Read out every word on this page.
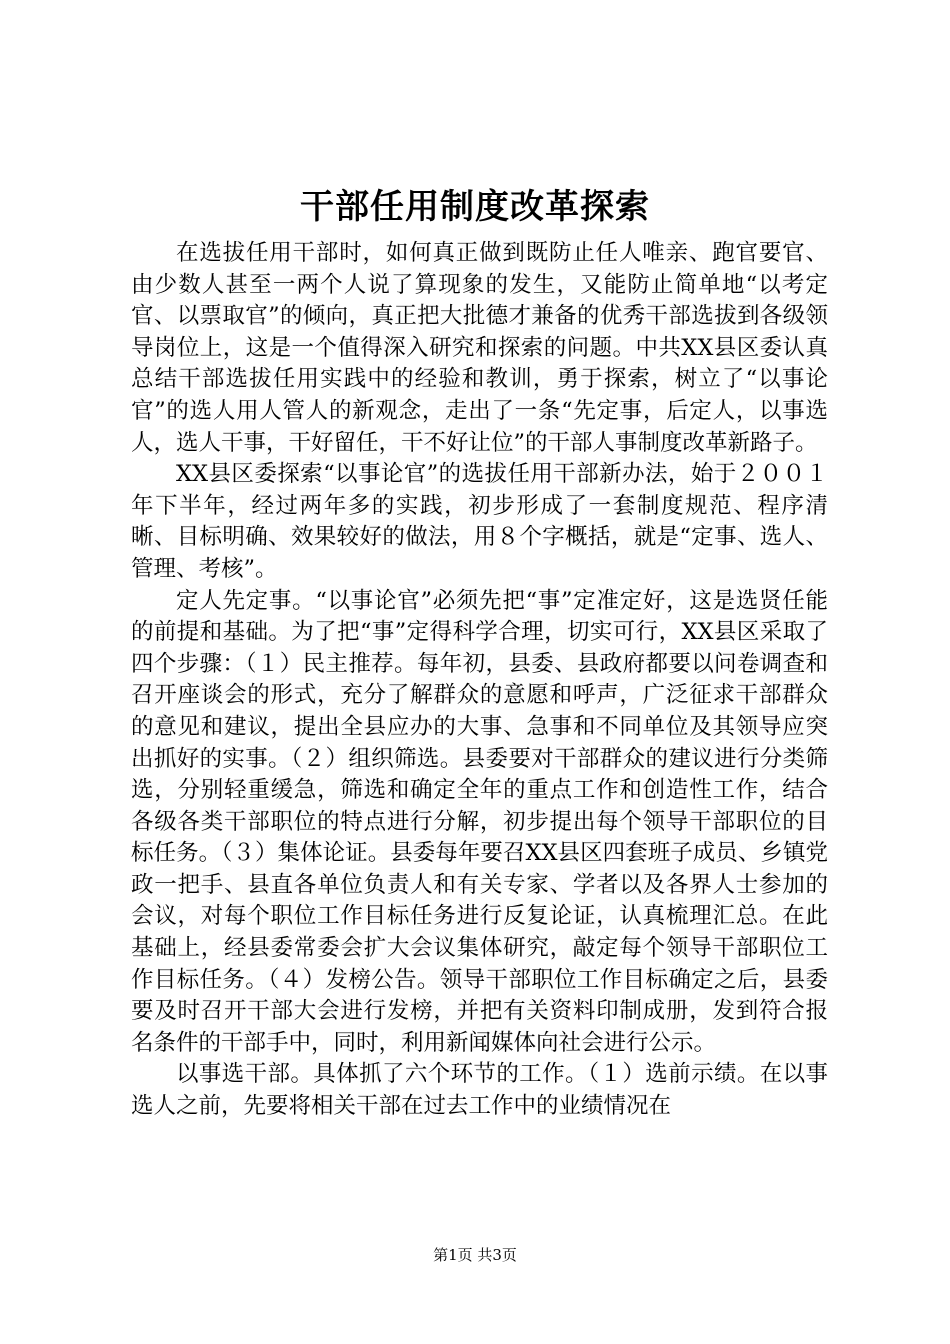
干部任用制度改革探索

在选拔任用干部时，如何真正做到既防止任人唯亲、跑官要官、由少数人甚至一两个人说了算现象的发生，又能防止简单地“以考定官、以票取官”的倾向，真正把大批德才兼备的优秀干部选拔到各级领导岗位上，这是一个值得深入研究和探索的问题。中共XX县区委认真总结干部选拔任用实践中的经验和教训，勇于探索，树立了“以事论官”的选人用人管人的新观念，走出了一条“先定事，后定人，以事选人，选人干事，干好留任，干不好让位”的干部人事制度改革新路子。

XX县区委探索“以事论官”的选拔任用干部新办法，始于２００１年下半年，经过两年多的实践，初步形成了一套制度规范、程序清晰、目标明确、效果较好的做法，用８个字概括，就是“定事、选人、管理、考核”。

定人先定事。“以事论官”必须先把“事”定准定好，这是选贤任能的前提和基础。为了把“事”定得科学合理，切实可行，XX县区采取了四个步骤：（１）民主推荐。每年初，县委、县政府都要以问卷调查和召开座谈会的形式，充分了解群众的意愿和呼声，广泛征求干部群众的意见和建议，提出全县应办的大事、急事和不同单位及其领导应突出抓好的实事。（２）组织筛选。县委要对干部群众的建议进行分类筛选，分别轻重缓急，筛选和确定全年的重点工作和创造性工作，结合各级各类干部职位的特点进行分解，初步提出每个领导干部职位的目标任务。（３）集体论证。县委每年要召XX县区四套班子成员、乡镇党政一把手、县直各单位负责人和有关专家、学者以及各界人士参加的会议，对每个职位工作目标任务进行反复论证，认真梳理汇总。在此基础上，经县委常委会扩大会议集体研究，敲定每个领导干部职位工作目标任务。（４）发榜公告。领导干部职位工作目标确定之后，县委要及时召开干部大会进行发榜，并把有关资料印制成册，发到符合报名条件的干部手中，同时，利用新闻媒体向社会进行公示。

以事选干部。具体抓了六个环节的工作。（１）选前示绩。在以事选人之前，先要将相关干部在过去工作中的业绩情况在

第1页 共3页
